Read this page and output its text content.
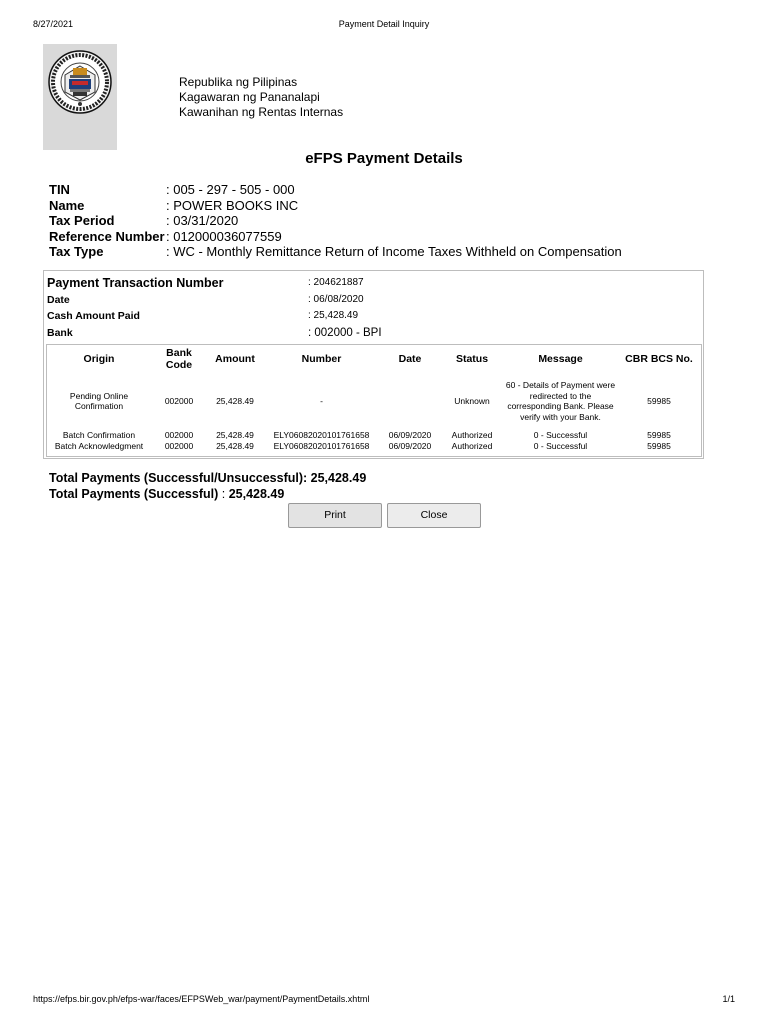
8/27/2021	Payment Detail Inquiry
Republika ng Pilipinas
Kagawaran ng Pananalapi
Kawanihan ng Rentas Internas
eFPS Payment Details
TIN	: 005 - 297 - 505 - 000
Name	: POWER BOOKS INC
Tax Period	: 03/31/2020
Reference Number : 012000036077559
Tax Type	: WC - Monthly Remittance Return of Income Taxes Withheld on Compensation
Payment Transaction Number	: 204621887
Date	: 06/08/2020
Cash Amount Paid	: 25,428.49
Bank	: 002000 - BPI
Origin	Bank Code	Amount	Number	Date	Status	Message	CBR BCS No.
Pending Online Confirmation	002000	25,428.49	-		Unknown	60 - Details of Payment were redirected to the corresponding Bank. Please verify with your Bank.	59985
Batch Confirmation	002000	25,428.49	ELY06082020101761658	06/09/2020	Authorized	0 - Successful	59985
Batch Acknowledgment	002000	25,428.49	ELY06082020101761658	06/09/2020	Authorized	0 - Successful	59985
Total Payments (Successful/Unsuccessful): 25,428.49
Total Payments (Successful) : 25,428.49
Print	Close
https://efps.bir.gov.ph/efps-war/faces/EFPSWeb_war/payment/PaymentDetails.xhtml	1/1
